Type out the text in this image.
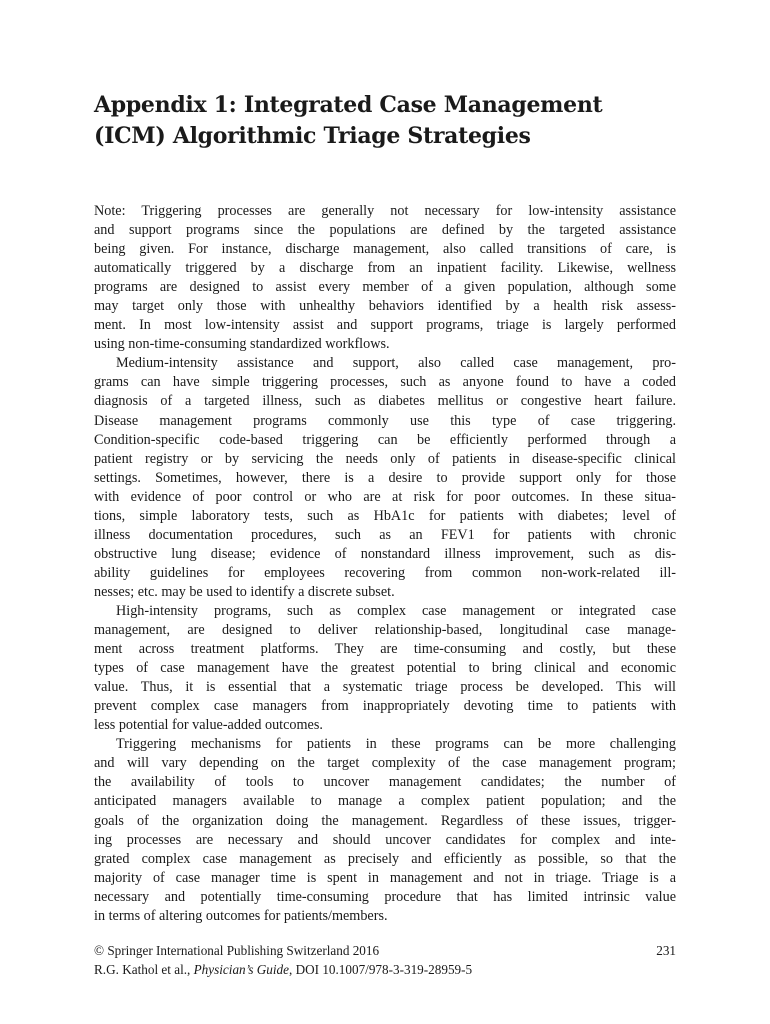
Appendix 1: Integrated Case Management
(ICM) Algorithmic Triage Strategies

Note: Triggering processes are generally not necessary for low-intensity assistance
and support programs since the populations are defined by the targeted assistance
being given. For instance, discharge management, also called transitions of care, is
automatically triggered by a discharge from an inpatient facility. Likewise, wellness
programs are designed to assist every member of a given population, although some
may target only those with unhealthy behaviors identified by a health risk assess-
ment. In most low-intensity assist and support programs, triage is largely performed
using non-time-consuming standardized workflows.

Medium-intensity assistance and support, also called case management, pro-
grams can have simple triggering processes, such as anyone found to have a coded
diagnosis of a targeted illness, such as diabetes mellitus or congestive heart failure.
Disease management programs commonly use this type of case triggering.
Condition-specific code-based triggering can be efficiently performed through a
patient registry or by servicing the needs only of patients in disease-specific clinical
settings. Sometimes, however, there is a desire to provide support only for those
with evidence of poor control or who are at risk for poor outcomes. In these situa-
tions, simple laboratory tests, such as HbA1c for patients with diabetes; level of
illness documentation procedures, such as an FEV1 for patients with chronic
obstructive lung disease; evidence of nonstandard illness improvement, such as dis-
ability guidelines for employees recovering from common non-work-related ill-
nesses; etc. may be used to identify a discrete subset.

High-intensity programs, such as complex case management or integrated case
management, are designed to deliver relationship-based, longitudinal case manage-
ment across treatment platforms. They are time-consuming and costly, but these
types of case management have the greatest potential to bring clinical and economic
value. Thus, it is essential that a systematic triage process be developed. This will
prevent complex case managers from inappropriately devoting time to patients with
less potential for value-added outcomes.

Triggering mechanisms for patients in these programs can be more challenging
and will vary depending on the target complexity of the case management program;
the availability of tools to uncover management candidates; the number of
anticipated managers available to manage a complex patient population; and the
goals of the organization doing the management. Regardless of these issues, trigger-
ing processes are necessary and should uncover candidates for complex and inte-
grated complex case management as precisely and efficiently as possible, so that the
majority of case manager time is spent in management and not in triage. Triage is a
necessary and potentially time-consuming procedure that has limited intrinsic value
in terms of altering outcomes for patients/members.

© Springer International Publishing Switzerland 2016	231
R.G. Kathol et al., Physician’s Guide, DOI 10.1007/978-3-319-28959-5
